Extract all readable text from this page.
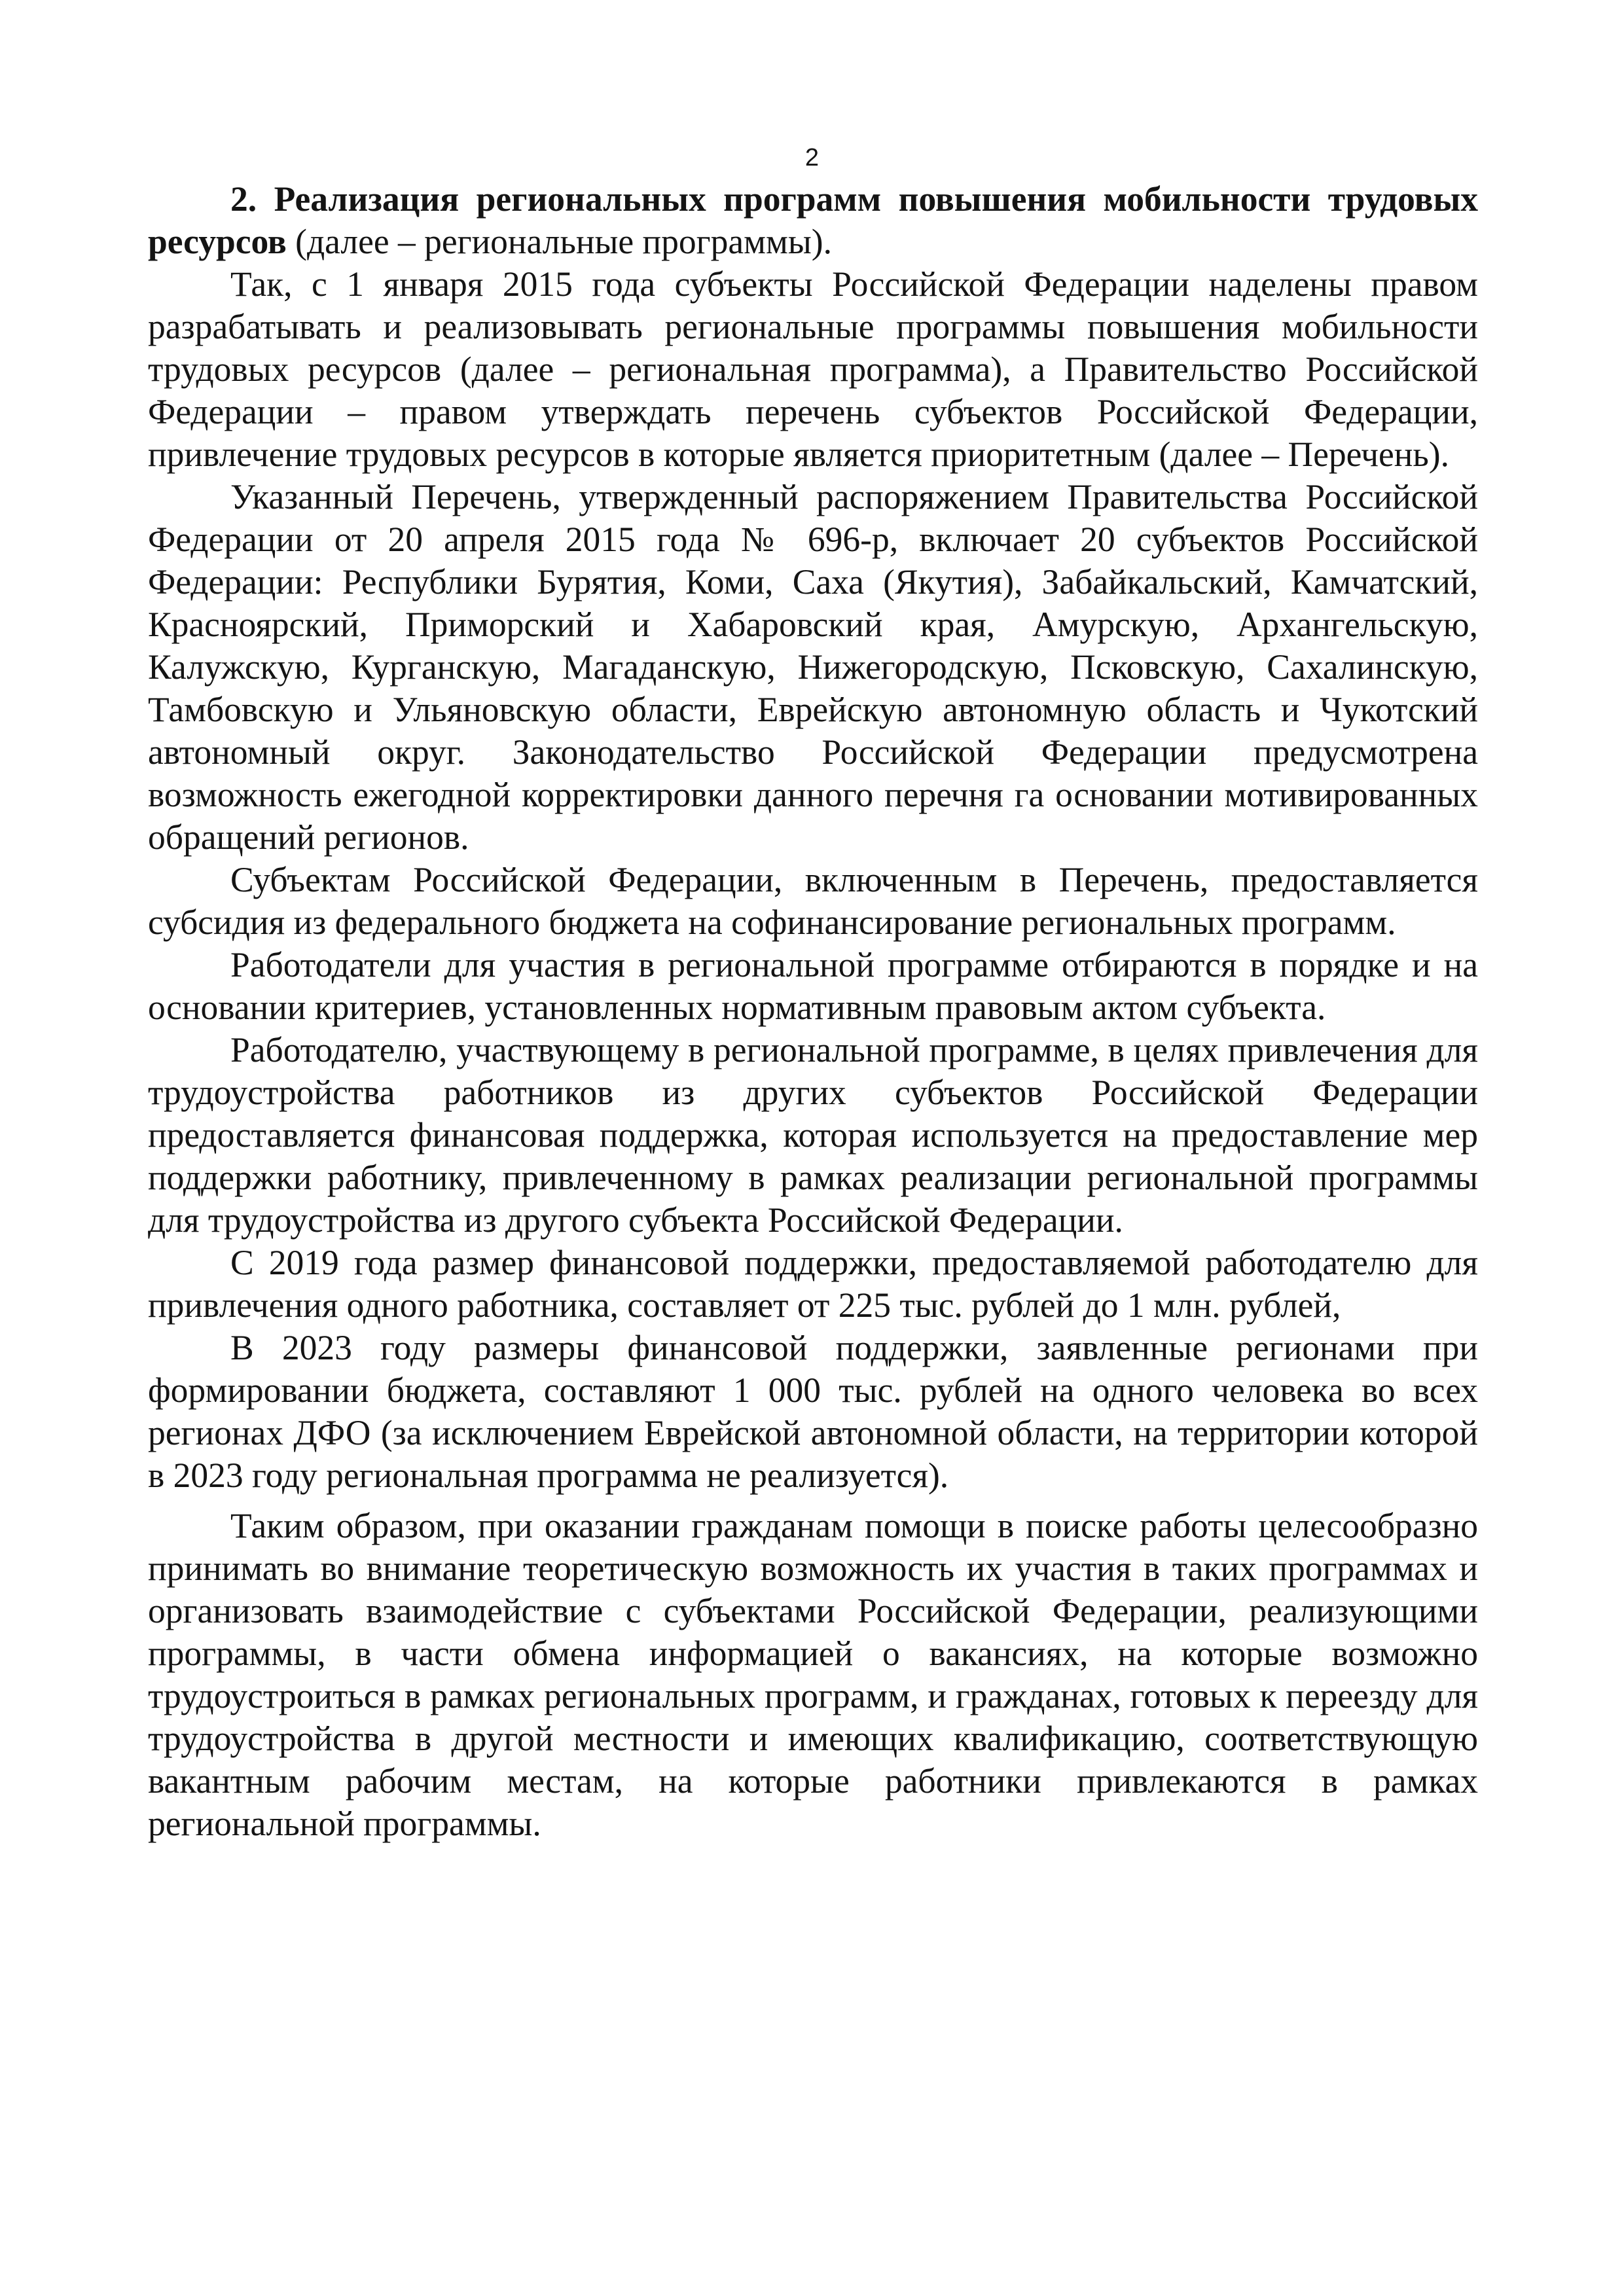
2

2. Реализация региональных программ повышения мобильности трудовых ресурсов (далее – региональные программы).

Так, с 1 января 2015 года субъекты Российской Федерации наделены правом разрабатывать и реализовывать региональные программы повышения мобильности трудовых ресурсов (далее – региональная программа), а Правительство Российской Федерации – правом утверждать перечень субъектов Российской Федерации, привлечение трудовых ресурсов в которые является приоритетным (далее – Перечень).

Указанный Перечень, утвержденный распоряжением Правительства Российской Федерации от 20 апреля 2015 года № 696-р, включает 20 субъектов Российской Федерации: Республики Бурятия, Коми, Саха (Якутия), Забайкальский, Камчатский, Красноярский, Приморский и Хабаровский края, Амурскую, Архангельскую, Калужскую, Курганскую, Магаданскую, Нижегородскую, Псковскую, Сахалинскую, Тамбовскую и Ульяновскую области, Еврейскую автономную область и Чукотский автономный округ. Законодательство Российской Федерации предусмотрена возможность ежегодной корректировки данного перечня га основании мотивированных обращений регионов.

Субъектам Российской Федерации, включенным в Перечень, предоставляется субсидия из федерального бюджета на софинансирование региональных программ.

Работодатели для участия в региональной программе отбираются в порядке и на основании критериев, установленных нормативным правовым актом субъекта.

Работодателю, участвующему в региональной программе, в целях привлечения для трудоустройства работников из других субъектов Российской Федерации предоставляется финансовая поддержка, которая используется на предоставление мер поддержки работнику, привлеченному в рамках реализации региональной программы для трудоустройства из другого субъекта Российской Федерации.

С 2019 года размер финансовой поддержки, предоставляемой работодателю для привлечения одного работника, составляет от 225 тыс. рублей до 1 млн. рублей,

В 2023 году размеры финансовой поддержки, заявленные регионами при формировании бюджета, составляют 1 000 тыс. рублей на одного человека во всех регионах ДФО (за исключением Еврейской автономной области, на территории которой в 2023 году региональная программа не реализуется).

Таким образом, при оказании гражданам помощи в поиске работы целесообразно принимать во внимание теоретическую возможность их участия в таких программах и организовать взаимодействие с субъектами Российской Федерации, реализующими программы, в части обмена информацией о вакансиях, на которые возможно трудоустроиться в рамках региональных программ, и гражданах, готовых к переезду для трудоустройства в другой местности и имеющих квалификацию, соответствующую вакантным рабочим местам, на которые работники привлекаются в рамках региональной программы.
